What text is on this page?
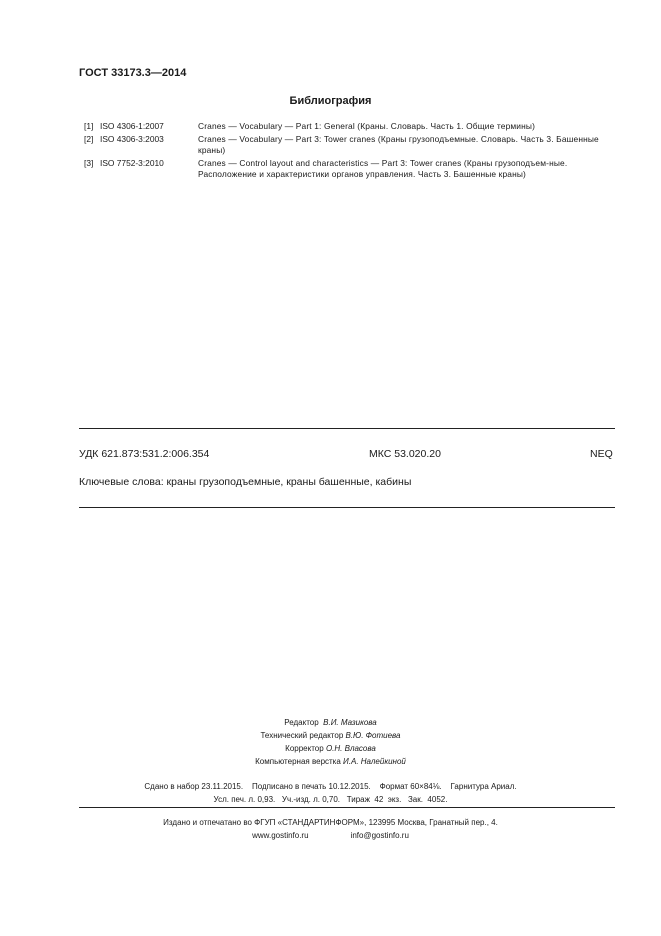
ГОСТ 33173.3—2014
Библиография
[1] ISO 4306-1:2007	Cranes — Vocabulary — Part 1: General (Краны. Словарь. Часть 1. Общие термины)
[2] ISO 4306-3:2003	Cranes — Vocabulary — Part 3: Tower cranes (Краны грузоподъемные. Словарь. Часть 3. Башенные краны)
[3] ISO 7752-3:2010	Cranes — Control layout and characteristics — Part 3: Tower cranes (Краны грузоподъем-ные. Расположение и характеристики органов управления. Часть 3. Башенные краны)
УДК 621.873:531.2:006.354	МКС 53.020.20	NEQ
Ключевые слова: краны грузоподъемные, краны башенные, кабины
Редактор В.И. Мазикова
Технический редактор В.Ю. Фотиева
Корректор О.Н. Власова
Компьютерная верстка И.А. Налейкиной
Сдано в набор 23.11.2015.    Подписано в печать 10.12.2015.    Формат 60×84⅛.    Гарнитура Ариал.
Усл. печ. л. 0,93.   Уч.-изд. л. 0,70.   Тираж  42  экз.   Зак.  4052.
Издано и отпечатано во ФГУП «СТАНДАРТИНФОРМ», 123995 Москва, Гранатный пер., 4.
www.gostinfo.ru	info@gostinfo.ru
